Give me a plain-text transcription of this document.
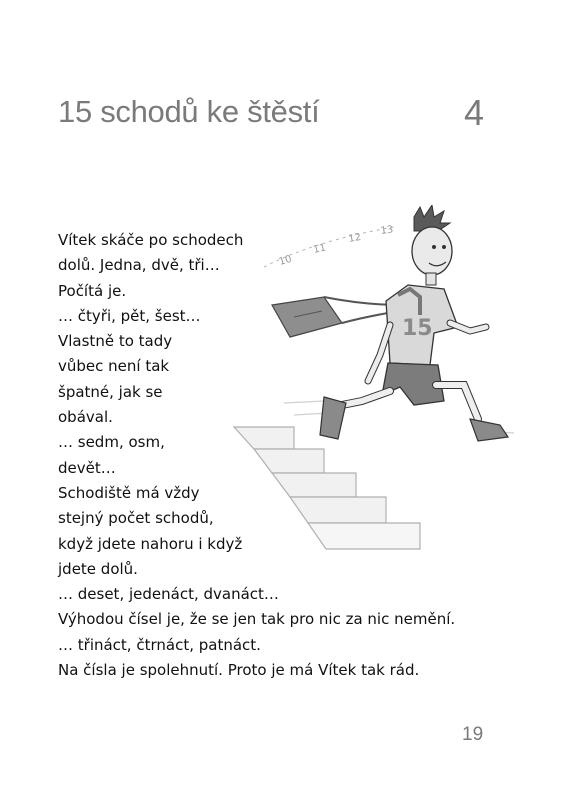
15 schodů ke štěstí	4
Vítek skáče po schodech
dolů. Jedna, dvě, tři…
Počítá je.
… čtyři, pět, šest…
Vlastně to tady
vůbec není tak
špatné, jak se
obával.
… sedm, osm,
devět…
Schodiště má vždy
stejný počet schodů,
když jdete nahoru i když
jdete dolů.
… deset, jedenáct, dvanáct…
Výhodou čísel je, že se jen tak pro nic za nic nemění.
… třináct, čtrnáct, patnáct.
Na čísla je spolehnutí. Proto je má Vítek tak rád.
10
11
12
13
15
19
